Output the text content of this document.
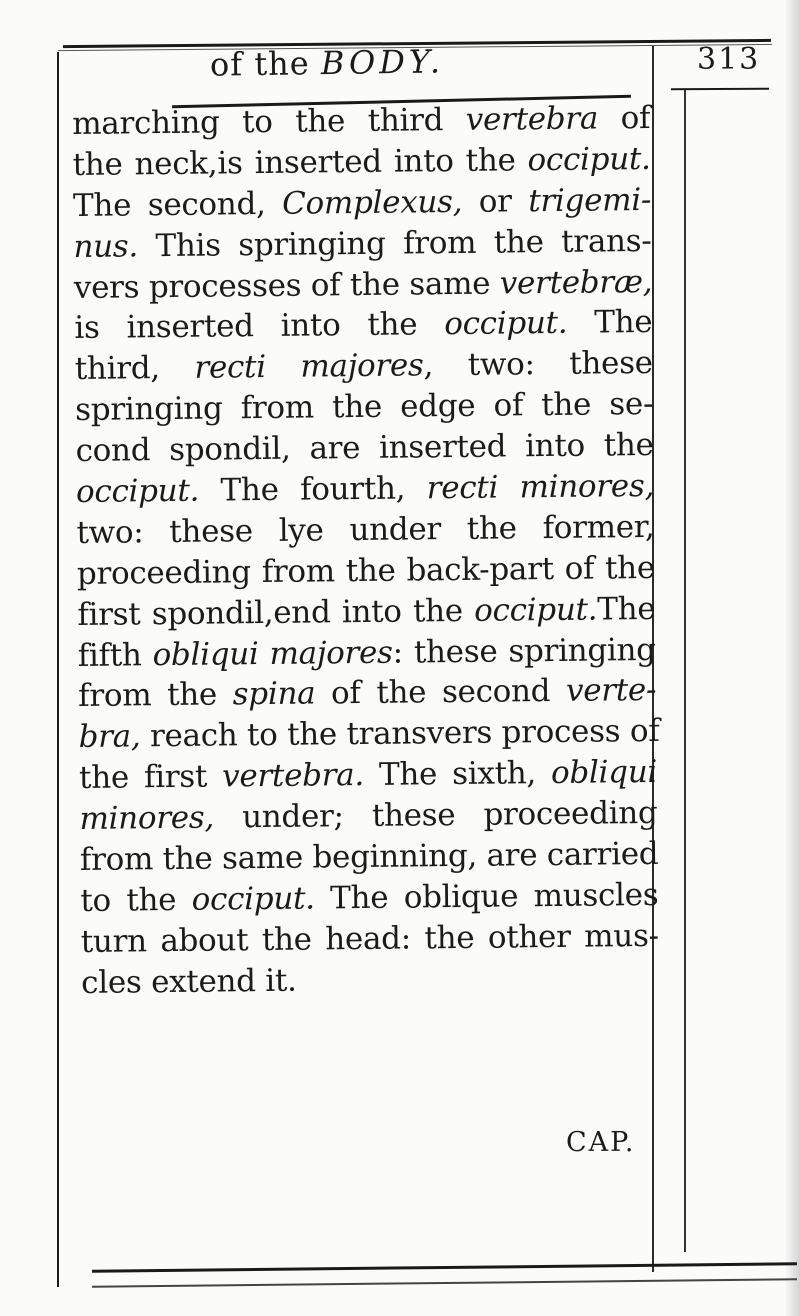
of the BODY.	313
marching to the third vertebra of
the neck,is inserted into the occiput.
The second, Complexus, or trigemi-
nus. This springing from the trans-
vers processes of the same vertebræ,
is inserted into the occiput. The
third, recti majores, two: these
springing from the edge of the se-
cond spondil, are inserted into the
occiput. The fourth, recti minores,
two: these lye under the former,
proceeding from the back-part of the
first spondil,end into the occiput.The
fifth obliqui majores: these springing
from the spina of the second verte-
bra, reach to the transvers process of
the first vertebra. The sixth, obliqui
minores, under; these proceeding
from the same beginning, are carried
to the occiput. The oblique muscles
turn about the head: the other mus-
cles extend it.
CAP.
